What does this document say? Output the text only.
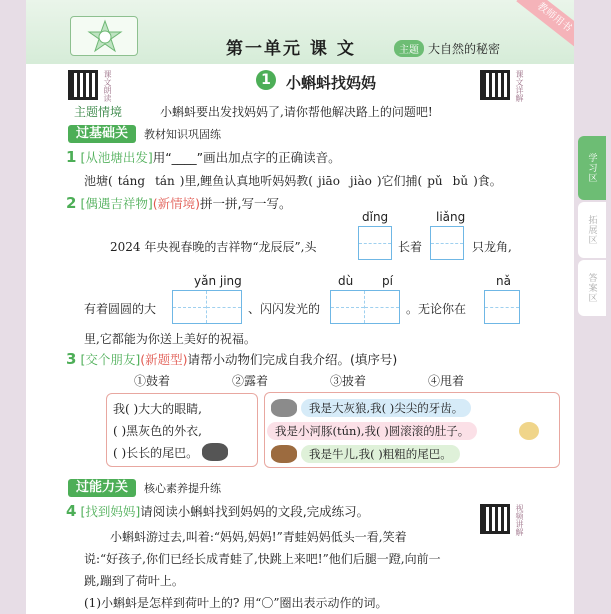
第一单元 课 文	主题 大自然的秘密
教师用书
课文朗读	课文详解
1	小蝌蚪找妈妈
主题情境	小蝌蚪要出发找妈妈了,请你帮他解决路上的问题吧!
过基础关	教材知识巩固练
1 [从池塘出发]用“____”画出加点字的正确读音。
池塘( táng tán )里,鲤鱼认真地听妈妈教( jiāo jiào )它们捕( pǔ bǔ )食。
2 [偶遇吉祥物](新情境)拼一拼,写一写。
dǐng	liǎng
2024 年央视春晚的吉祥物“龙辰辰”,头	长着	只龙角,
yǎn jing	dù pí	nǎ
有着圆圆的大	、闪闪发光的	。无论你在
里,它都能为你送上美好的祝福。
3 [交个朋友](新题型)请帮小动物们完成自我介绍。(填序号)
①鼓着	②露着	③披着	④甩着
我( )大大的眼睛,
( )黑灰色的外衣,
( )长长的尾巴。
我是大灰狼,我( )尖尖的牙齿。
我是小河豚(tún),我( )圆滚滚的肚子。
我是牛儿,我( )粗粗的尾巴。
过能力关	核心素养提升练
4 [找到妈妈]请阅读小蝌蚪找到妈妈的文段,完成练习。	视频讲解
小蝌蚪游过去,叫着:“妈妈,妈妈!”青蛙妈妈低头一看,笑着
说:“好孩子,你们已经长成青蛙了,快跳上来吧!”他们后腿一蹬,向前一
跳,蹦到了荷叶上。
(1)小蝌蚪是怎样到荷叶上的? 用“〇”圈出表示动作的词。
学习区
拓展区
答案区
